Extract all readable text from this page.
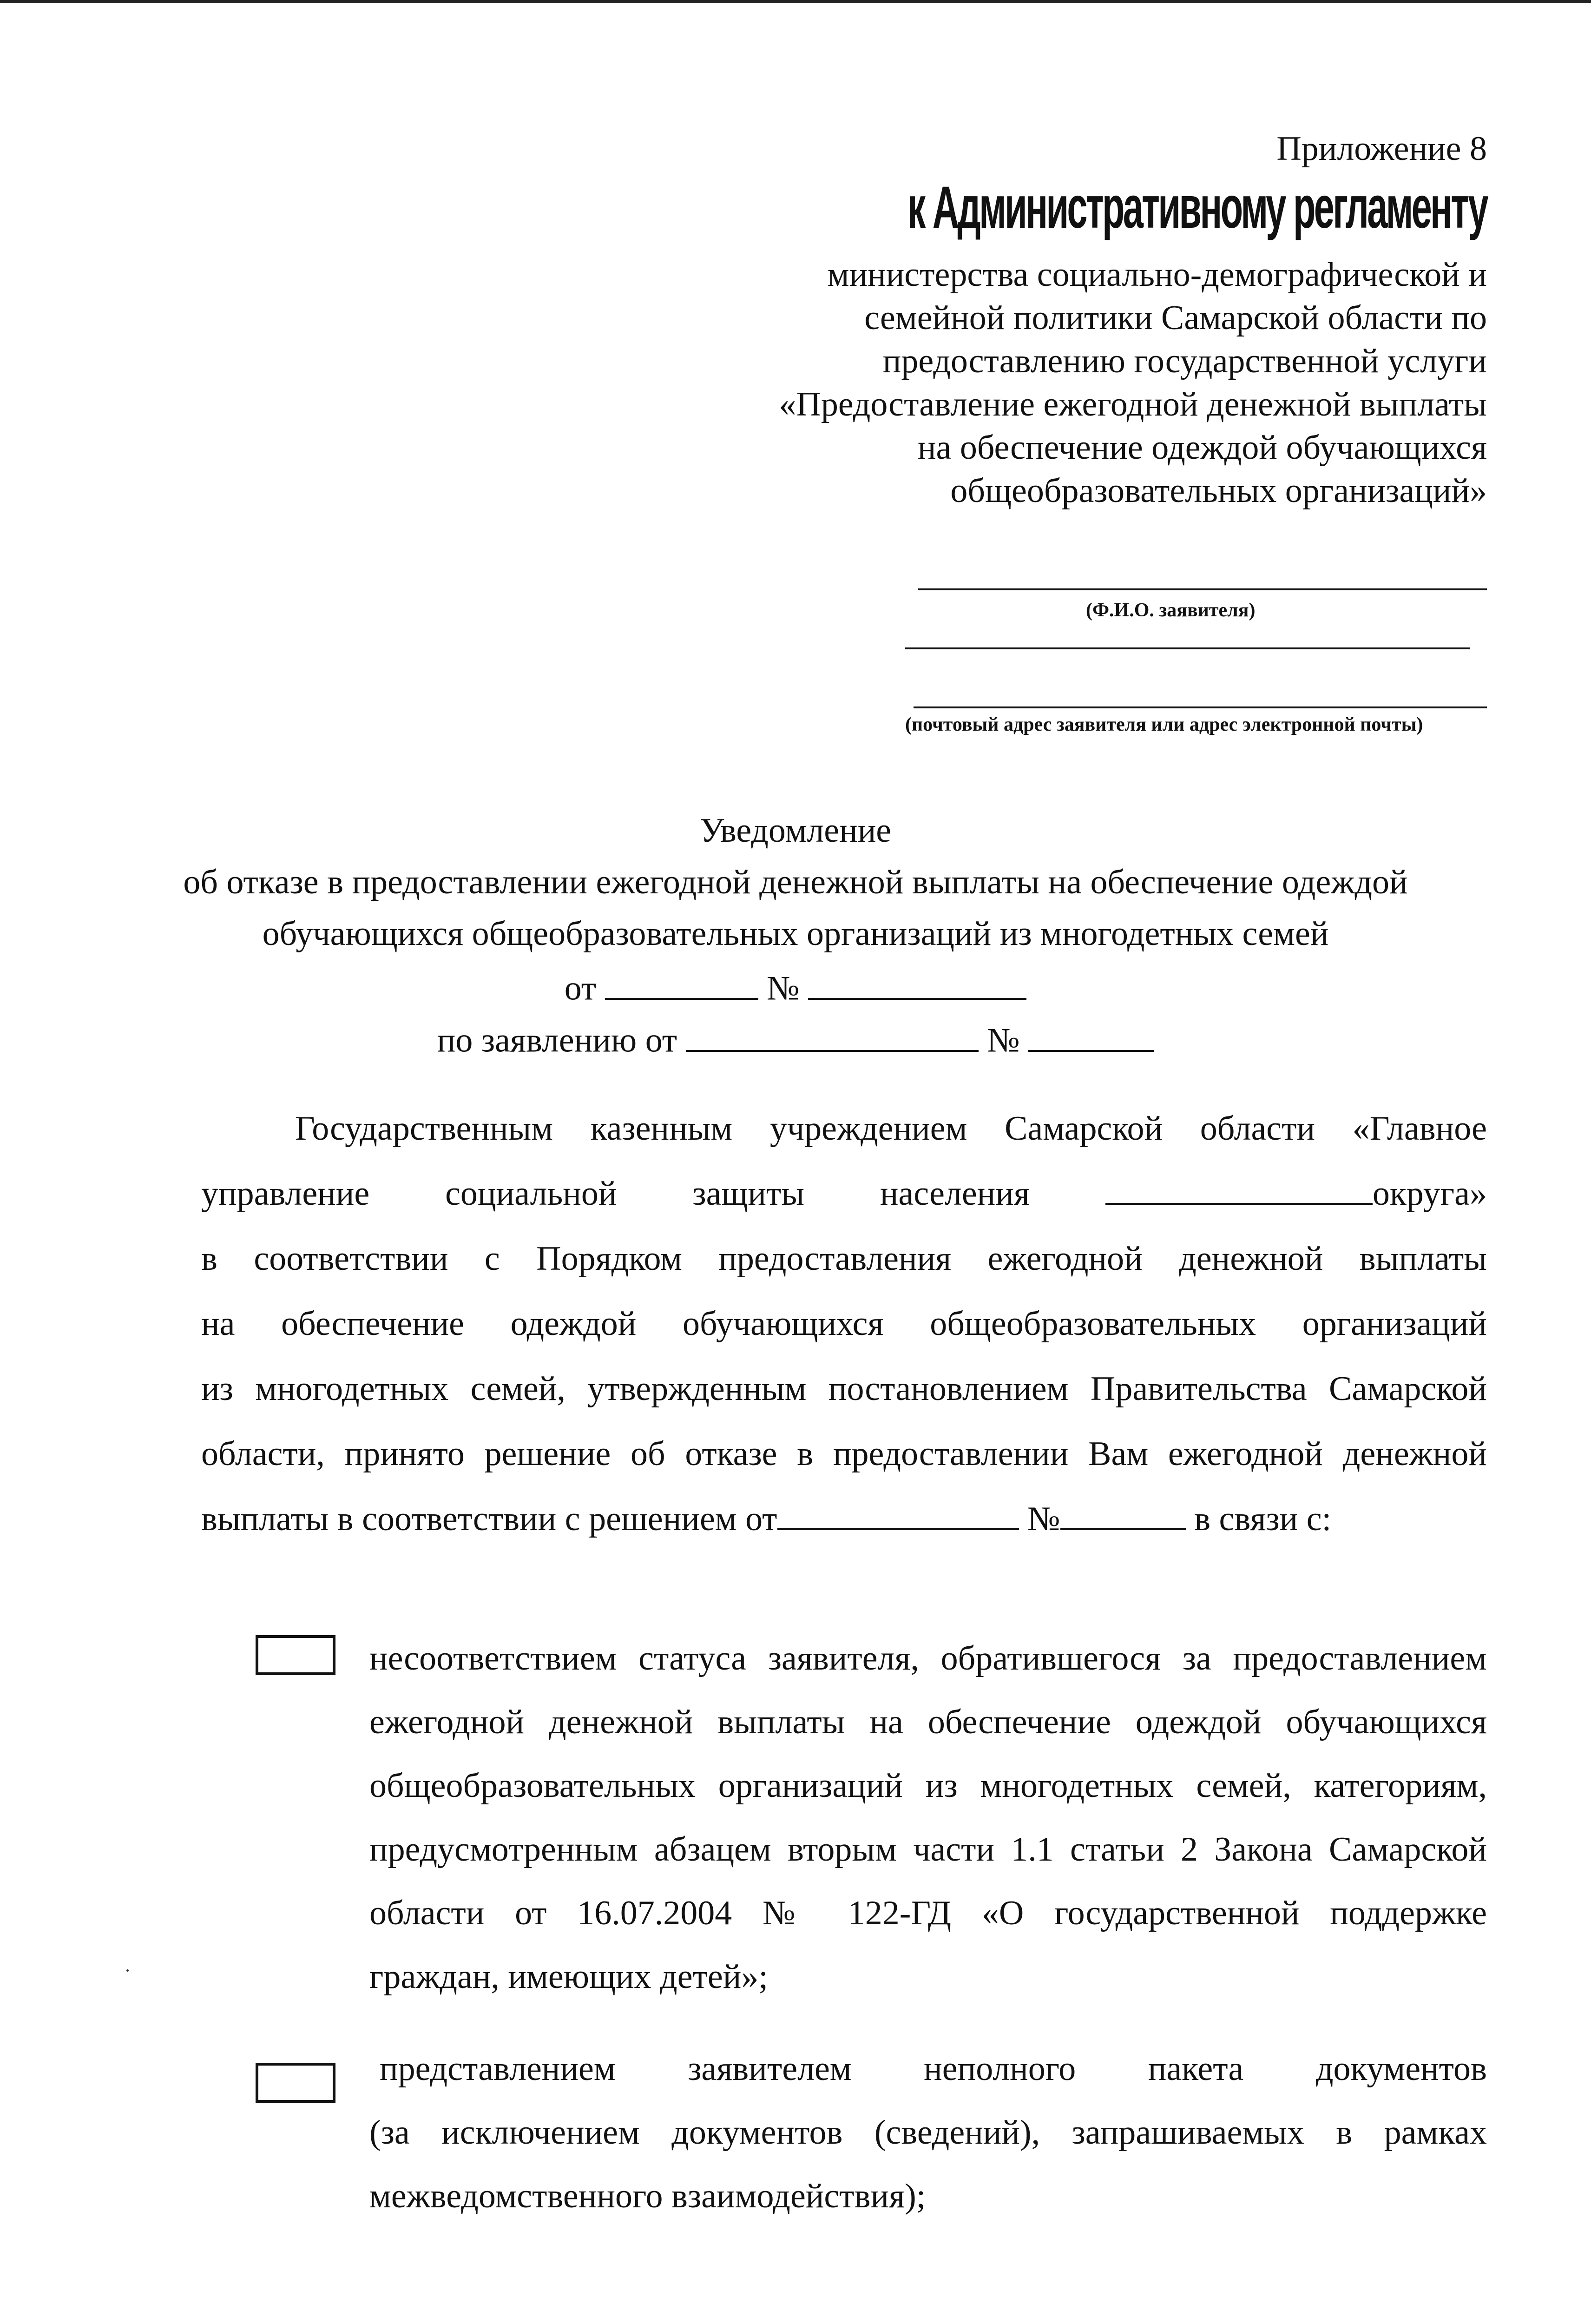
Приложение 8
к Административному регламенту
министерства социально-демографической и
семейной политики Самарской области по
предоставлению государственной услуги
«Предоставление ежегодной денежной выплаты
на обеспечение одеждой обучающихся
общеобразовательных организаций»
(Ф.И.О. заявителя)
(почтовый адрес заявителя или адрес электронной почты)
Уведомление
об отказе в предоставлении ежегодной денежной выплаты на обеспечение одеждой
обучающихся общеобразовательных организаций из многодетных семей
от	№
по заявлению от	№
Государственным казенным учреждением Самарской области «Главное
управление социальной защиты населения	округа»
в соответствии с Порядком предоставления ежегодной денежной выплаты
на обеспечение одеждой обучающихся общеобразовательных организаций
из многодетных семей, утвержденным постановлением Правительства Самарской
области, принято решение об отказе в предоставлении Вам ежегодной денежной
выплаты в соответствии с решением от	№	в связи с:
несоответствием статуса заявителя, обратившегося за предоставлением
ежегодной денежной выплаты на обеспечение одеждой обучающихся
общеобразовательных организаций из многодетных семей, категориям,
предусмотренным абзацем вторым части 1.1 статьи 2 Закона Самарской
области от 16.07.2004 № 122-ГД «О государственной поддержке
граждан, имеющих детей»;
представлением заявителем неполного пакета документов
(за исключением документов (сведений), запрашиваемых в рамках
межведомственного взаимодействия);
